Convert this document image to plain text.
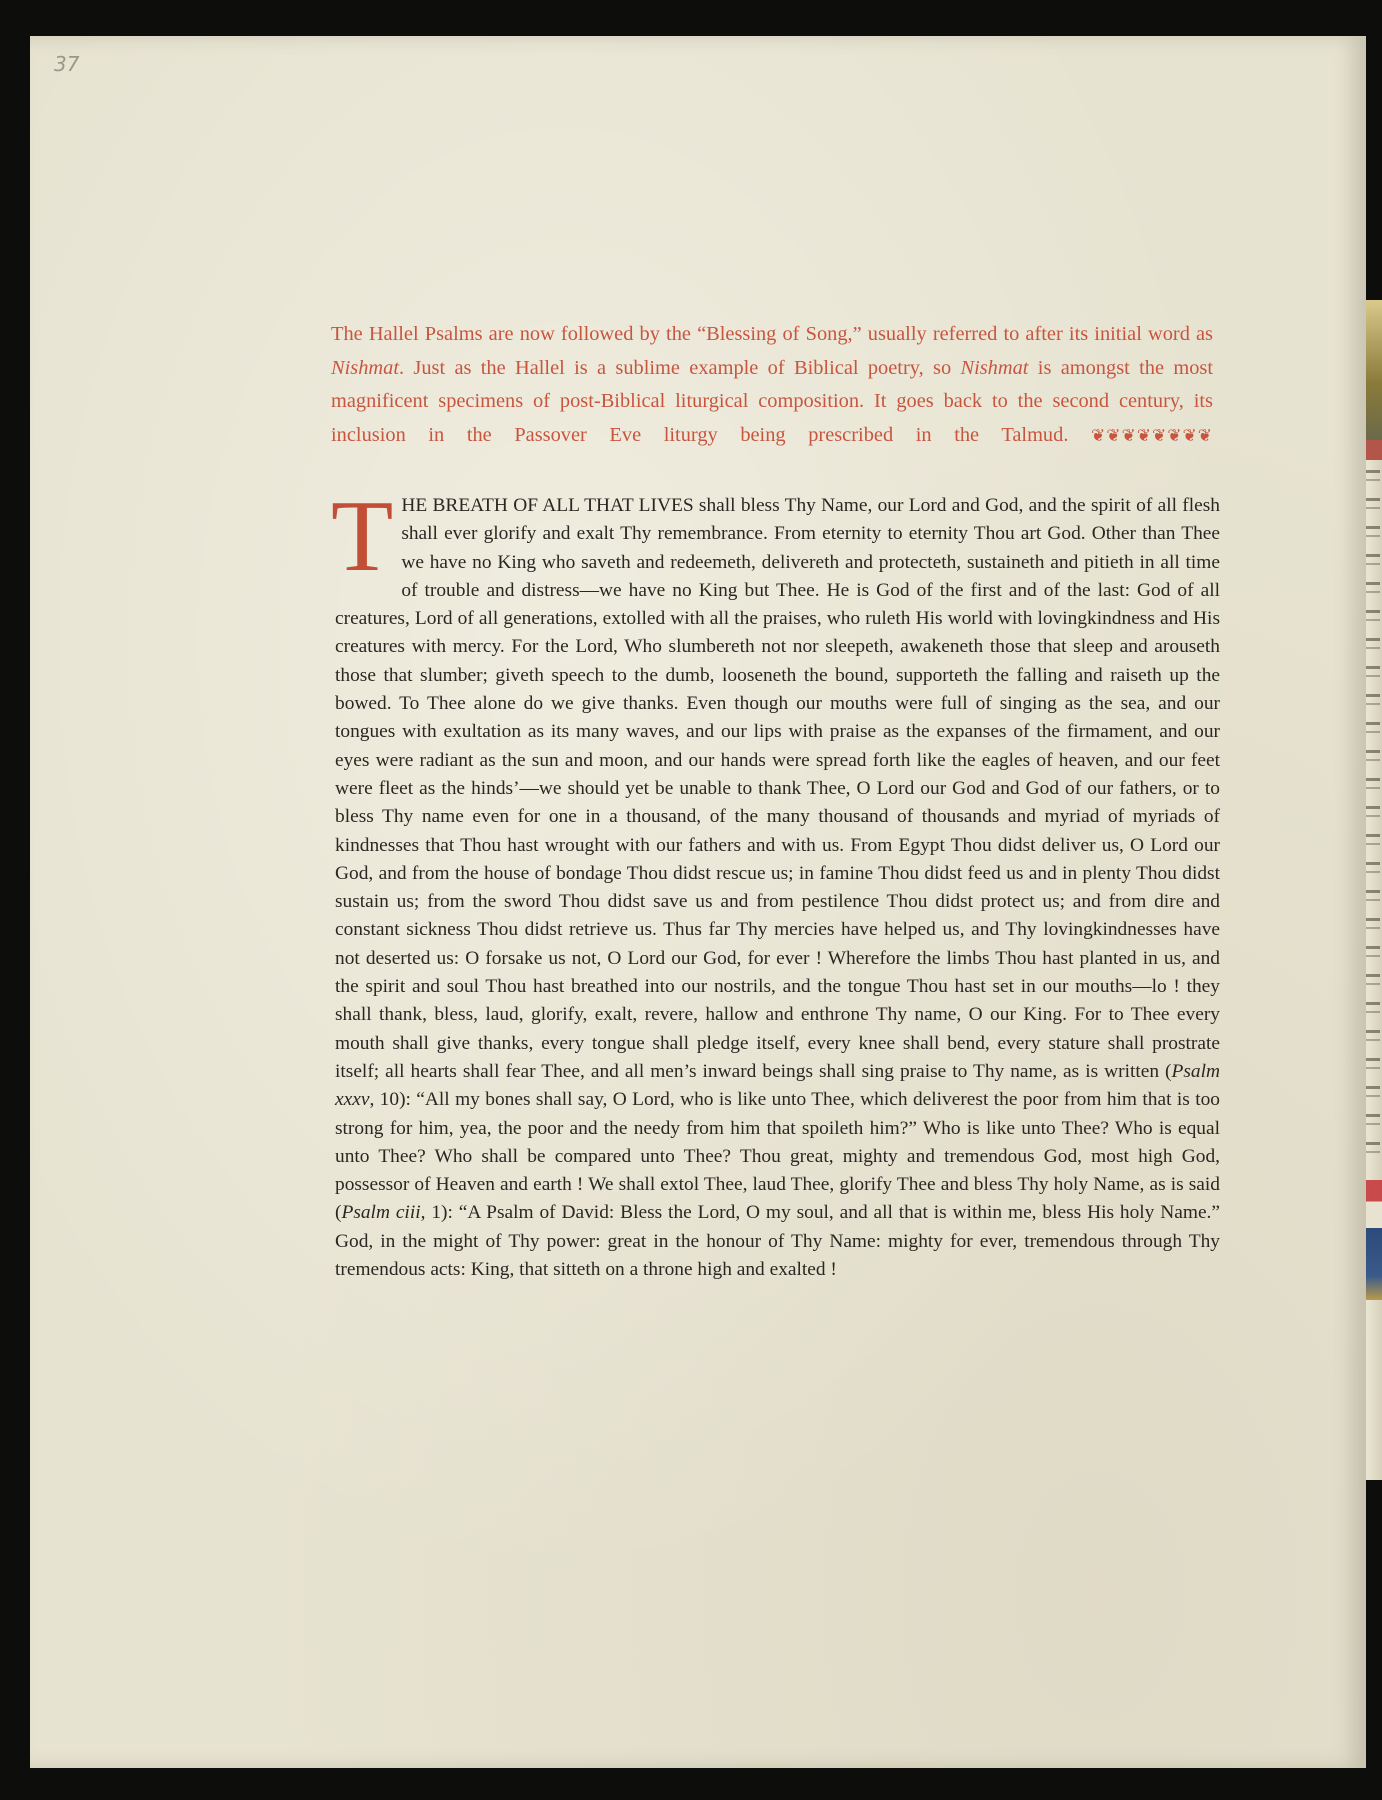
37

The Hallel Psalms are now followed by the “Blessing of Song,” usually referred to after its initial word as Nishmat. Just as the Hallel is a sublime example of Biblical poetry, so Nishmat is amongst the most magnificent specimens of post-Biblical liturgical composition. It goes back to the second century, its inclusion in the Passover Eve liturgy being prescribed in the Talmud. ❦❦❦❦❦❦❦❦

THE BREATH OF ALL THAT LIVES shall bless Thy Name, our Lord and God, and the spirit of all flesh shall ever glorify and exalt Thy remembrance. From eternity to eternity Thou art God. Other than Thee we have no King who saveth and redeemeth, delivereth and protecteth, sustaineth and pitieth in all time of trouble and distress—we have no King but Thee. He is God of the first and of the last: God of all creatures, Lord of all generations, extolled with all the praises, who ruleth His world with lovingkindness and His creatures with mercy. For the Lord, Who slumbereth not nor sleepeth, awakeneth those that sleep and arouseth those that slumber; giveth speech to the dumb, looseneth the bound, supporteth the falling and raiseth up the bowed. To Thee alone do we give thanks. Even though our mouths were full of singing as the sea, and our tongues with exultation as its many waves, and our lips with praise as the expanses of the firmament, and our eyes were radiant as the sun and moon, and our hands were spread forth like the eagles of heaven, and our feet were fleet as the hinds’—we should yet be unable to thank Thee, O Lord our God and God of our fathers, or to bless Thy name even for one in a thousand, of the many thousand of thousands and myriad of myriads of kindnesses that Thou hast wrought with our fathers and with us. From Egypt Thou didst deliver us, O Lord our God, and from the house of bondage Thou didst rescue us; in famine Thou didst feed us and in plenty Thou didst sustain us; from the sword Thou didst save us and from pestilence Thou didst protect us; and from dire and constant sickness Thou didst retrieve us. Thus far Thy mercies have helped us, and Thy lovingkindnesses have not deserted us: O forsake us not, O Lord our God, for ever ! Wherefore the limbs Thou hast planted in us, and the spirit and soul Thou hast breathed into our nostrils, and the tongue Thou hast set in our mouths—lo ! they shall thank, bless, laud, glorify, exalt, revere, hallow and enthrone Thy name, O our King. For to Thee every mouth shall give thanks, every tongue shall pledge itself, every knee shall bend, every stature shall prostrate itself; all hearts shall fear Thee, and all men’s inward beings shall sing praise to Thy name, as is written (Psalm xxxv, 10): “All my bones shall say, O Lord, who is like unto Thee, which deliverest the poor from him that is too strong for him, yea, the poor and the needy from him that spoileth him?” Who is like unto Thee? Who is equal unto Thee? Who shall be compared unto Thee? Thou great, mighty and tremendous God, most high God, possessor of Heaven and earth ! We shall extol Thee, laud Thee, glorify Thee and bless Thy holy Name, as is said (Psalm ciii, 1): “A Psalm of David: Bless the Lord, O my soul, and all that is within me, bless His holy Name.” God, in the might of Thy power: great in the honour of Thy Name: mighty for ever, tremendous through Thy tremendous acts: King, that sitteth on a throne high and exalted !
